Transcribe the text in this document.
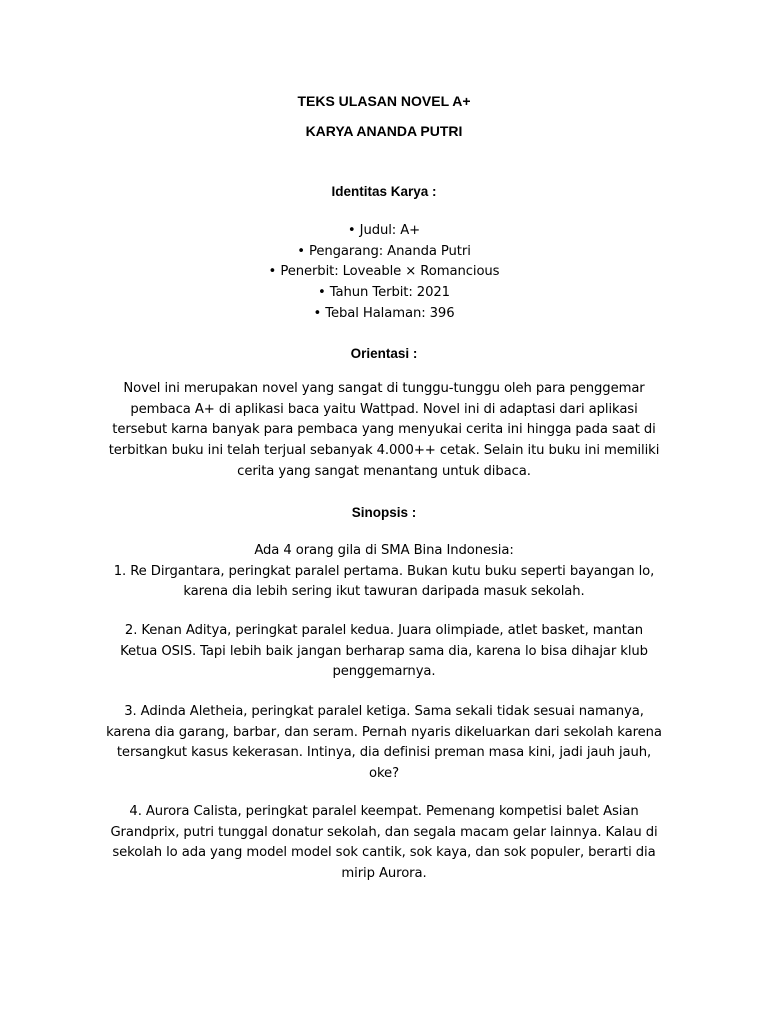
TEKS ULASAN NOVEL A+
KARYA ANANDA PUTRI
Identitas Karya :
• Judul: A+
• Pengarang: Ananda Putri
• Penerbit: Loveable × Romancious
• Tahun Terbit: 2021
• Tebal Halaman: 396
Orientasi :

Novel ini merupakan novel yang sangat di tunggu-tunggu oleh para penggemar
pembaca A+ di aplikasi baca yaitu Wattpad. Novel ini di adaptasi dari aplikasi
tersebut karna banyak para pembaca yang menyukai cerita ini hingga pada saat di
terbitkan buku ini telah terjual sebanyak 4.000++ cetak. Selain itu buku ini memiliki
cerita yang sangat menantang untuk dibaca.

Sinopsis :

Ada 4 orang gila di SMA Bina Indonesia:
1. Re Dirgantara, peringkat paralel pertama. Bukan kutu buku seperti bayangan lo,
karena dia lebih sering ikut tawuran daripada masuk sekolah.

2. Kenan Aditya, peringkat paralel kedua. Juara olimpiade, atlet basket, mantan
Ketua OSIS. Tapi lebih baik jangan berharap sama dia, karena lo bisa dihajar klub
penggemarnya.

3. Adinda Aletheia, peringkat paralel ketiga. Sama sekali tidak sesuai namanya,
karena dia garang, barbar, dan seram. Pernah nyaris dikeluarkan dari sekolah karena
tersangkut kasus kekerasan. Intinya, dia definisi preman masa kini, jadi jauh jauh,
oke?

4. Aurora Calista, peringkat paralel keempat. Pemenang kompetisi balet Asian
Grandprix, putri tunggal donatur sekolah, dan segala macam gelar lainnya. Kalau di
sekolah lo ada yang model model sok cantik, sok kaya, dan sok populer, berarti dia
mirip Aurora.
